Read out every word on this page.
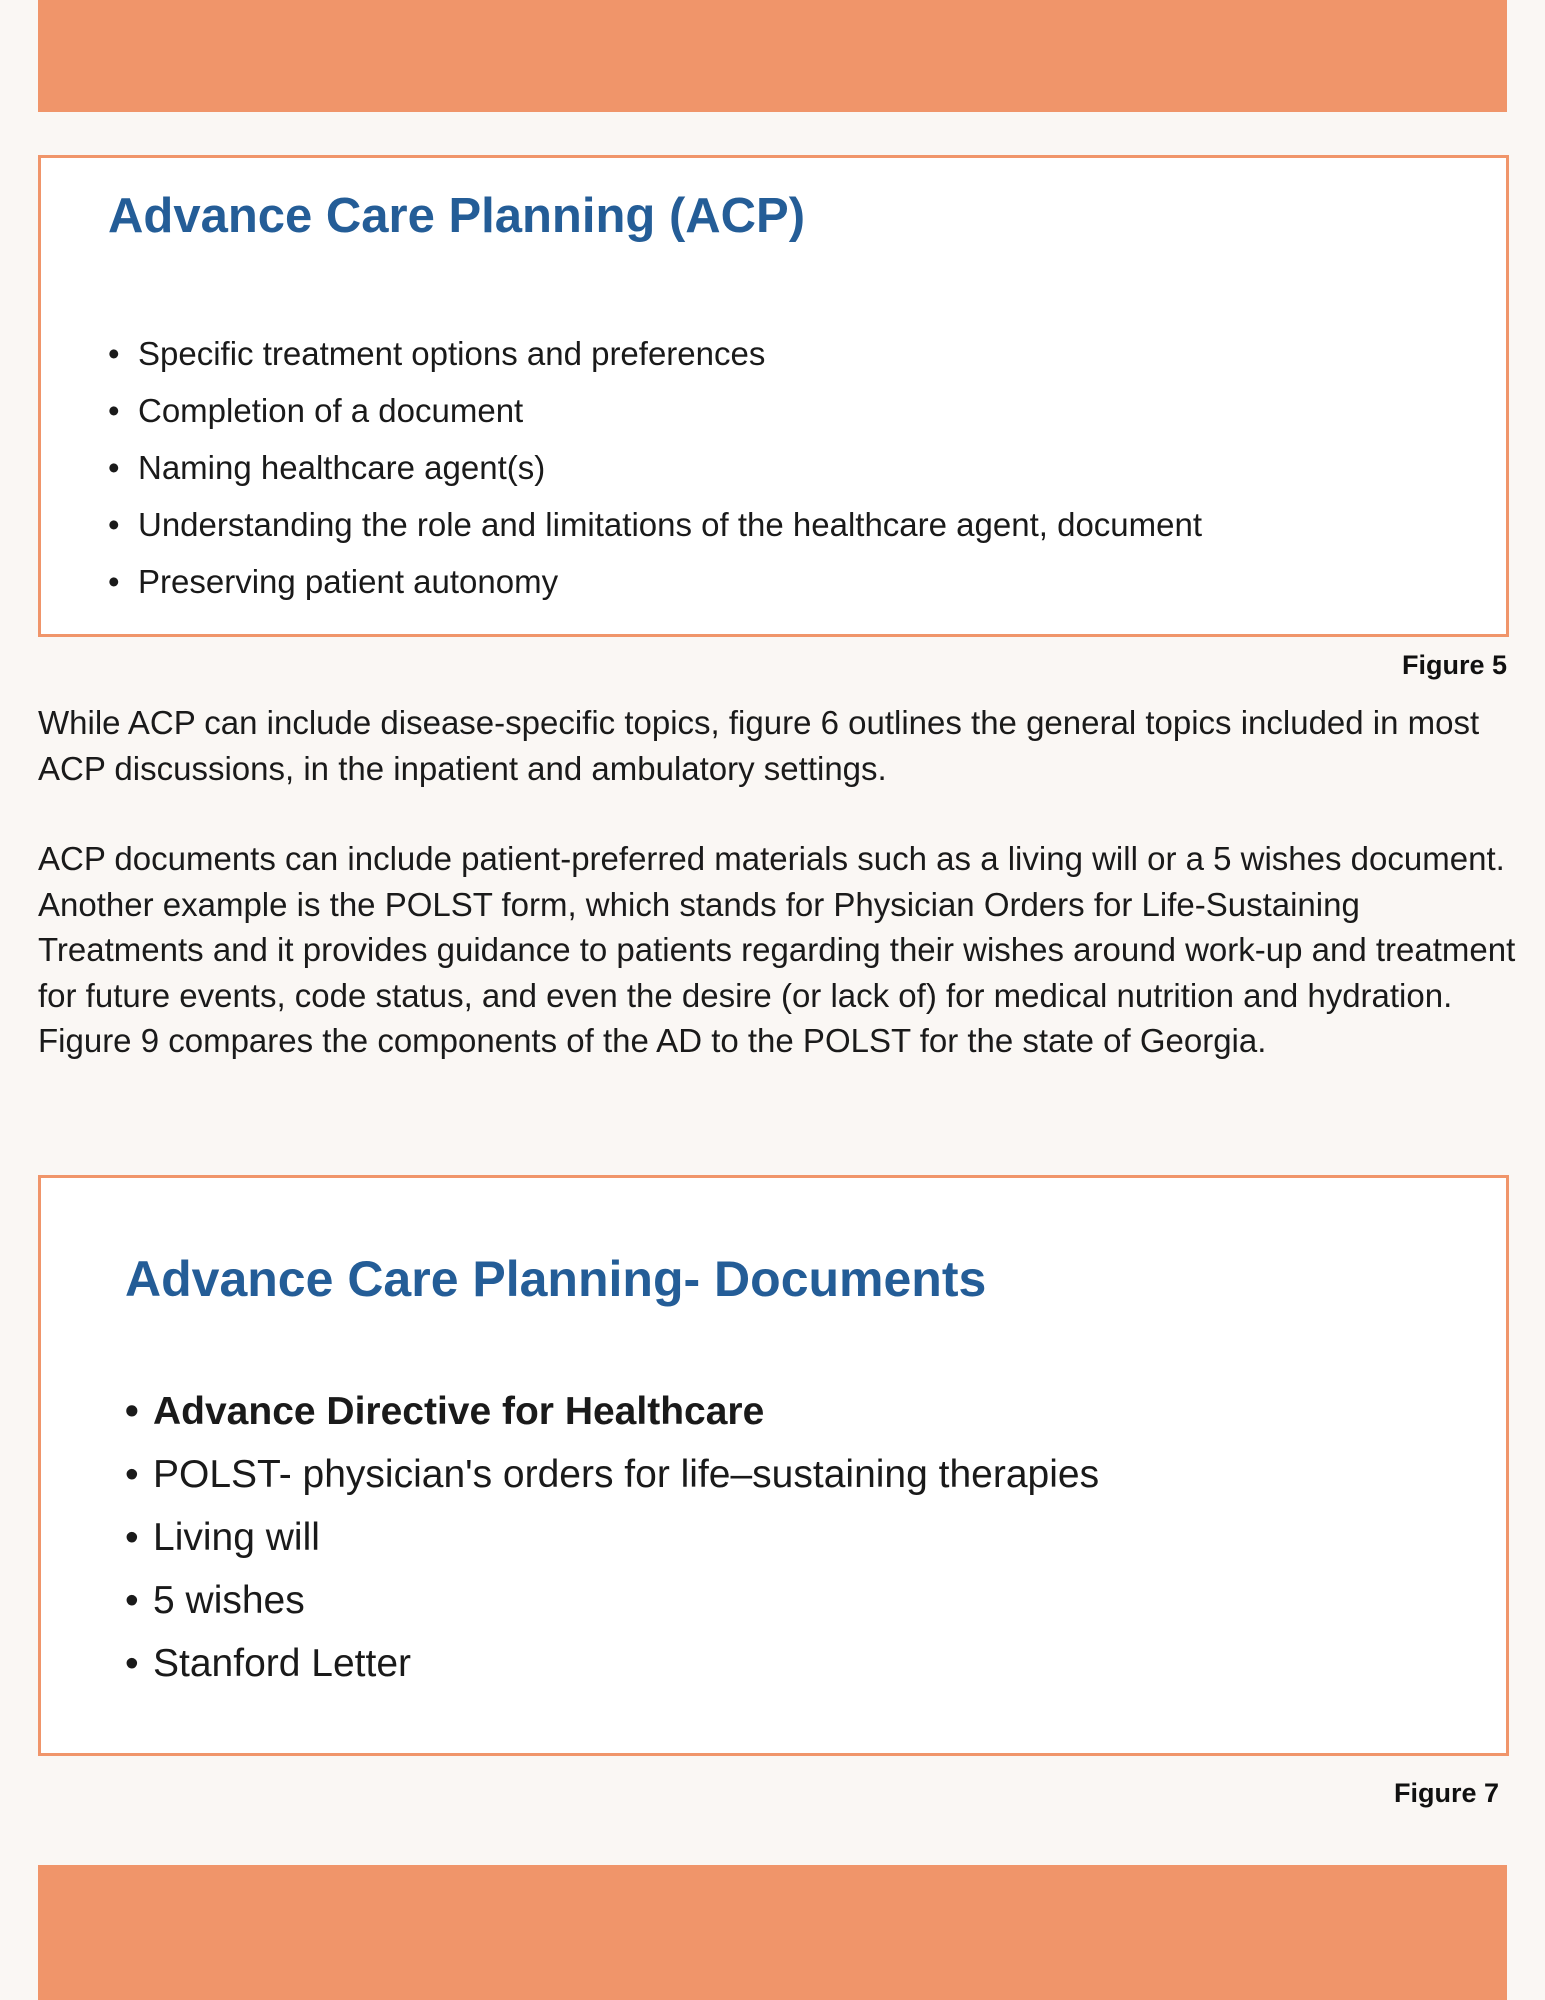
Advance Care Planning (ACP)
• Specific treatment options and preferences
• Completion of a document
• Naming healthcare agent(s)
• Understanding the role and limitations of the healthcare agent, document
• Preserving patient autonomy
Figure 5

While ACP can include disease-specific topics, figure 6 outlines the general topics included in most ACP discussions, in the inpatient and ambulatory settings.

ACP documents can include patient-preferred materials such as a living will or a 5 wishes document. Another example is the POLST form, which stands for Physician Orders for Life-Sustaining Treatments and it provides guidance to patients regarding their wishes around work-up and treatment for future events, code status, and even the desire (or lack of) for medical nutrition and hydration. Figure 9 compares the components of the AD to the POLST for the state of Georgia.

Advance Care Planning- Documents
• Advance Directive for Healthcare
• POLST- physician's orders for life–sustaining therapies
• Living will
• 5 wishes
• Stanford Letter
Figure 7
